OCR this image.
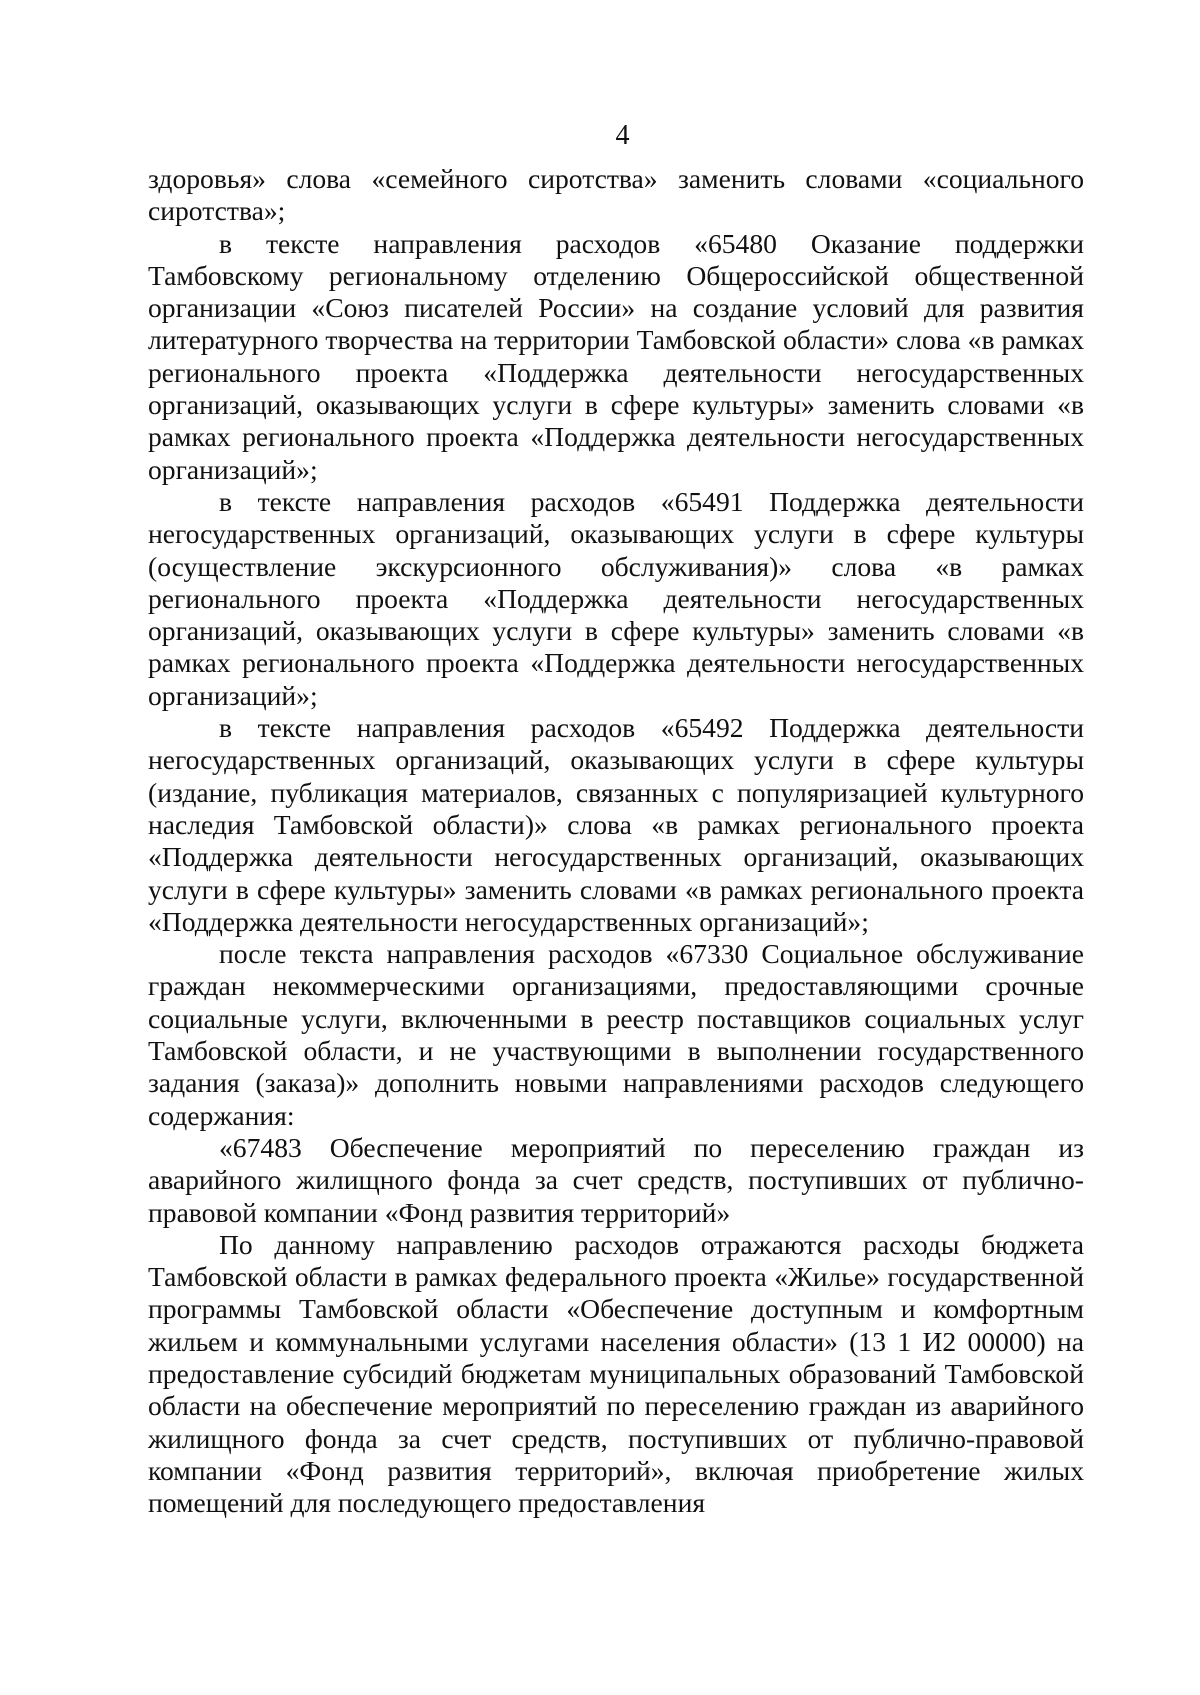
4

здоровья» слова «семейного сиротства» заменить словами «социального сиротства»;

в тексте направления расходов «65480 Оказание поддержки Тамбовскому региональному отделению Общероссийской общественной организации «Союз писателей России» на создание условий для развития литературного творчества на территории Тамбовской области» слова «в рамках регионального проекта «Поддержка деятельности негосударственных организаций, оказывающих услуги в сфере культуры» заменить словами «в рамках регионального проекта «Поддержка деятельности негосударственных организаций»;

в тексте направления расходов «65491 Поддержка деятельности негосударственных организаций, оказывающих услуги в сфере культуры (осуществление экскурсионного обслуживания)» слова «в рамках регионального проекта «Поддержка деятельности негосударственных организаций, оказывающих услуги в сфере культуры» заменить словами «в рамках регионального проекта «Поддержка деятельности негосударственных организаций»;

в тексте направления расходов «65492 Поддержка деятельности негосударственных организаций, оказывающих услуги в сфере культуры (издание, публикация материалов, связанных с популяризацией культурного наследия Тамбовской области)» слова «в рамках регионального проекта «Поддержка деятельности негосударственных организаций, оказывающих услуги в сфере культуры» заменить словами «в рамках регионального проекта «Поддержка деятельности негосударственных организаций»;

после текста направления расходов «67330 Социальное обслуживание граждан некоммерческими организациями, предоставляющими срочные социальные услуги, включенными в реестр поставщиков социальных услуг Тамбовской области, и не участвующими в выполнении государственного задания (заказа)» дополнить новыми направлениями расходов следующего содержания:

«67483 Обеспечение мероприятий по переселению граждан из аварийного жилищного фонда за счет средств, поступивших от публично-правовой компании «Фонд развития территорий»

По данному направлению расходов отражаются расходы бюджета Тамбовской области в рамках федерального проекта «Жилье» государственной программы Тамбовской области «Обеспечение доступным и комфортным жильем и коммунальными услугами населения области» (13 1 И2 00000) на предоставление субсидий бюджетам муниципальных образований Тамбовской области на обеспечение мероприятий по переселению граждан из аварийного жилищного фонда за счет средств, поступивших от публично-правовой компании «Фонд развития территорий», включая приобретение жилых помещений для последующего предоставления
